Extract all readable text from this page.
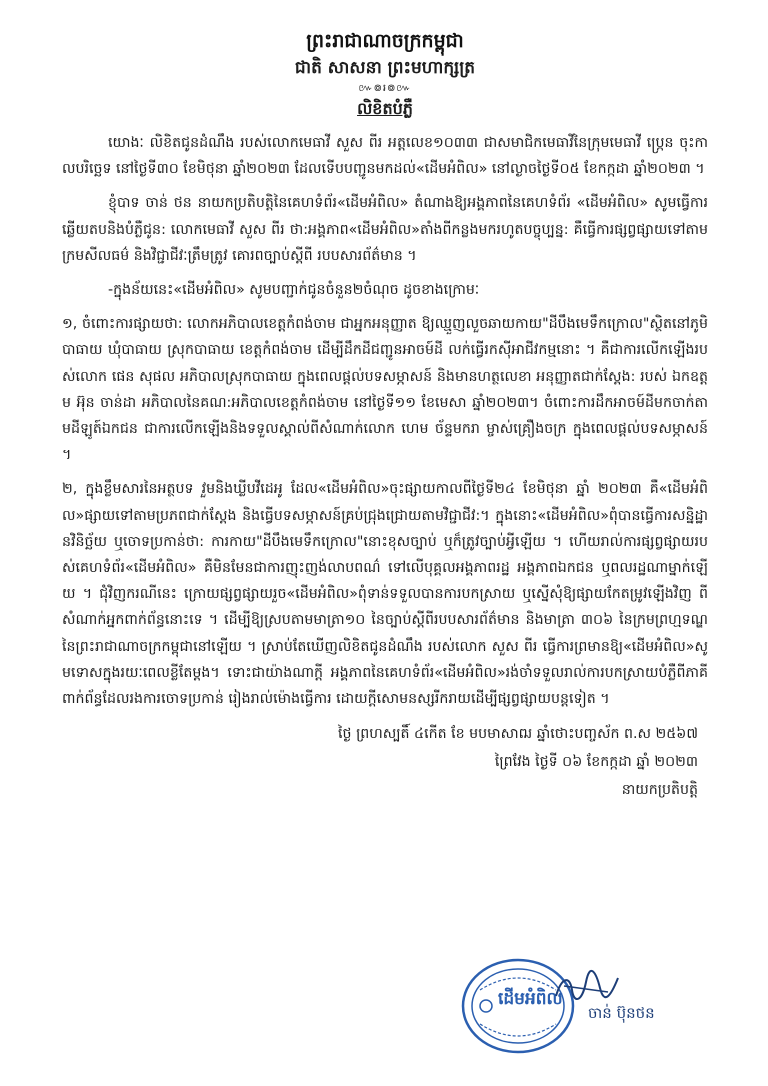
ព្រះរាជាណាចក្រកម្ពុជា
ជាតិ សាសនា ព្រះមហាក្សត្រ
៚៙៛៙៚
លិខិតបំភ្លឺ

យោងៈ លិខិតជូនដំណឹង របស់លោកមេធាវី សួស ពីរ អត្តលេខ១០៣៣ ជាសមាជិកមេធាវីនៃក្រុមមេធាវី ប្រេ្កន ចុះកាលបរិច្ឆេទ នៅថ្ងៃទី៣០ ខែមិថុនា ឆ្នាំ២០២៣ ដែលទើបបញ្ជូនមកដល់«ដើមអំពិល» នៅល្ងាចថ្ងៃទី០៥ ខែកក្កដា ឆ្នាំ២០២៣ ។

ខ្ញុំបាទ ចាន់ ថន នាយកប្រតិបត្តិនៃគេហទំព័រ«ដើមអំពិល» តំណាងឱ្យអង្គភាពនៃគេហទំព័រ «ដើមអំពិល» សូមធ្វើការឆ្លើយតបនិងបំភ្លឺជូន: លោកមេធាវី សួស ពីរ ថា:អង្គភាព«ដើមអំពិល»តាំងពីកន្លងមករហូតបច្ចុប្បន្ន: គឺធ្វើការផ្សព្វផ្សាយទៅតាមក្រមសីលធម៌ និងវិជ្ជាជីវៈត្រឹមត្រូវ គោរពច្បាប់ស្ដីពី របបសារព័ត៌មាន ។

-ក្នុងន័យនេះ«ដើមអំពិល» សូមបញ្ជាក់ជូនចំនួន២ចំណុច ដូចខាងក្រោមៈ

១, ចំពោះការផ្សាយថា: លោកអភិបាលខេត្តកំពង់ចាម ជាអ្នកអនុញ្ញាត ឱ្យឈ្មួញលួចឆាយកាយ"ដីបឹងមេទឹកក្រោល"ស្ថិតនៅភូមិបាធាយ ឃុំបាធាយ ស្រុកបាធាយ ខេត្តកំពង់ចាម ដើម្បីដឹកដីជញ្ជូនអាចម៍ដី លក់ធ្វើរកស៊ីអាជីវកម្មនោះ ។ គឺជាការលើកឡើងរបស់លោក ផេន សុផល អភិបាលស្រុកបាធាយ ក្នុងពេលផ្ដល់បទសម្ភាសន៍ និងមានហត្ថលេខា អនុញ្ញាតជាក់ស្ដែង: របស់ ឯកឧត្ដម អ៊ុន ចាន់ដា អភិបាលនៃគណ:អភិបាលខេត្តកំពង់ចាម នៅថ្ងៃទី១១ ខែមេសា ឆ្នាំ២០២៣។ ចំពោះការដឹកអាចម៍ដីមកចាក់តាមដីឡូត៍ឯកជន ជាការលើកឡើងនិងទទួលស្គាល់ពីសំណាក់លោក ហេម ច័ន្ទមករា ម្ចាស់គ្រឿងចក្រ ក្នុងពេលផ្ដល់បទសម្ភាសន៍ ។

២, ក្នុងខ្លឹមសារនៃអត្ថបទ វួមនិងឃ្លីបវីដេអូ ដែល«ដើមអំពិល»ចុះផ្សាយកាលពីថ្ងៃទី២៤ ខែមិថុនា ឆ្នាំ ២០២៣ គឺ«ដើមអំពិល»ផ្សាយទៅតាមប្រភពជាក់ស្ដែង និងធ្វើបទសម្ភាសន៍គ្រប់ជ្រុងជ្រោយតាមវិជ្ជាជីវ:។ ក្នុងនោះ«ដើមអំពិល»ពុំបានធ្វើការសន្និដ្ឋានវិនិច្ឆ័យ ឬចោទប្រកាន់ថា: ការកាយ"ដីបឹងមេទឹកក្រោល"នោះខុសច្បាប់ ឬក៏ត្រូវច្បាប់អ្វីឡើយ ។ ហើយរាល់ការផ្សព្វផ្សាយរបស់គេហទំព័រ«ដើមអំពិល» គឺមិនមែនជាការញុះញង់លាបពណ៌ ទៅលើបុគ្គលអង្គភាពរដ្ឋ អង្គភាពឯកជន ឬពលរដ្ឋណាម្នាក់ឡើយ ។ ជុំវិញករណីនេះ ក្រោយផ្សព្វផ្សាយរួច«ដើមអំពិល»ពុំទាន់ទទួលបានការបកស្រាយ ឬស្នើសុំឱ្យផ្សាយកែតម្រូវឡើងវិញ ពីសំណាក់អ្នកពាក់ព័ន្ធនោះទេ ។ ដើម្បីឱ្យស្របតាមមាត្រា១០ នៃច្បាប់ស្ដីពីរបបសារព័ត៌មាន និងមាត្រា ៣០៦ នៃក្រមព្រហ្មទណ្ឌ នៃព្រះរាជាណាចក្រកម្ពុជានៅឡើយ ។ ស្រាប់តែឃើញលិខិតជូនដំណឹង របស់លោក សួស ពីរ ធ្វើការព្រមានឱ្យ«ដើមអំពិល»សូមទោសក្នុងរយៈពេលខ្លីតែម្ដង។ ទោះជាយ៉ាងណាក្ដី អង្គភាពនៃគេហទំព័រ«ដើមអំពិល»រង់ចាំទទួលរាល់ការបកស្រាយបំភ្លឺពីភាគីពាក់ព័ន្ធដែលរងការចោទប្រកាន់ រៀងរាល់ម៉ោងធ្វើការ ដោយក្ដីសោមនស្សរីករាយដើម្បីផ្សព្វផ្សាយបន្តទៀត ។

ថ្ងៃ ព្រហស្បតិ៍ ៤កើត ខែ មបមាសាឍ ឆ្នាំថោះបញ្ចស័ក ព.ស ២៥៦៧
ព្រៃវែង ថ្ងៃទី ០៦ ខែកក្កដា ឆ្នាំ ២០២៣
នាយកប្រតិបត្តិ
ដើមអំពិល
ចាន់ ប៊ុនថន
